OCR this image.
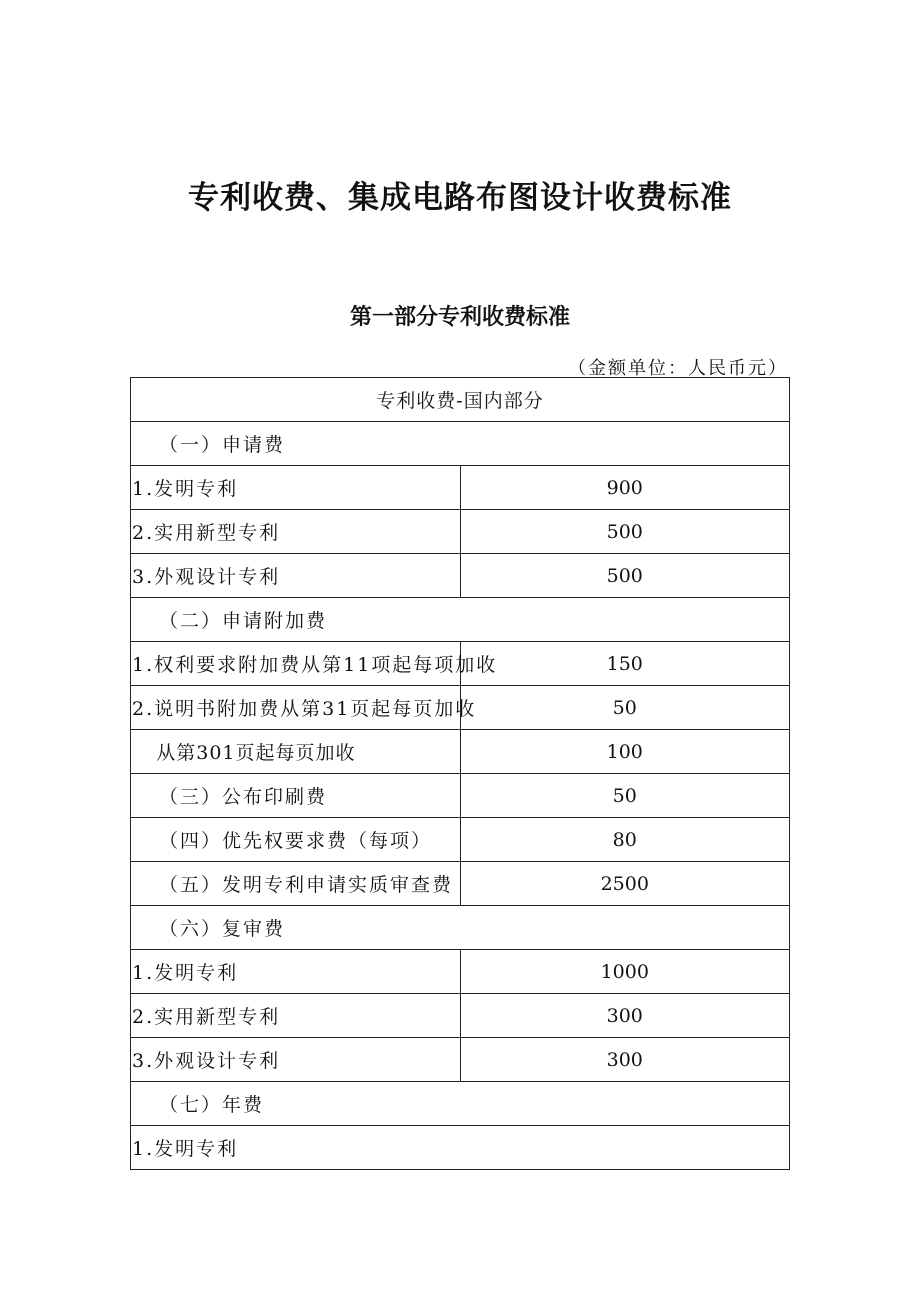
专利收费、集成电路布图设计收费标准
第一部分专利收费标准
（金额单位：人民币元）
专利收费-国内部分	
（一）申请费	
1.发明专利	900
2.实用新型专利	500
3.外观设计专利	500
（二）申请附加费	
1.权利要求附加费从第11项起每项加收	150
2.说明书附加费从第31页起每页加收	50
从第301页起每页加收	100
（三）公布印刷费	50
（四）优先权要求费（每项）	80
（五）发明专利申请实质审查费	2500
（六）复审费	
1.发明专利	1000
2.实用新型专利	300
3.外观设计专利	300
（七）年费	
1.发明专利	
